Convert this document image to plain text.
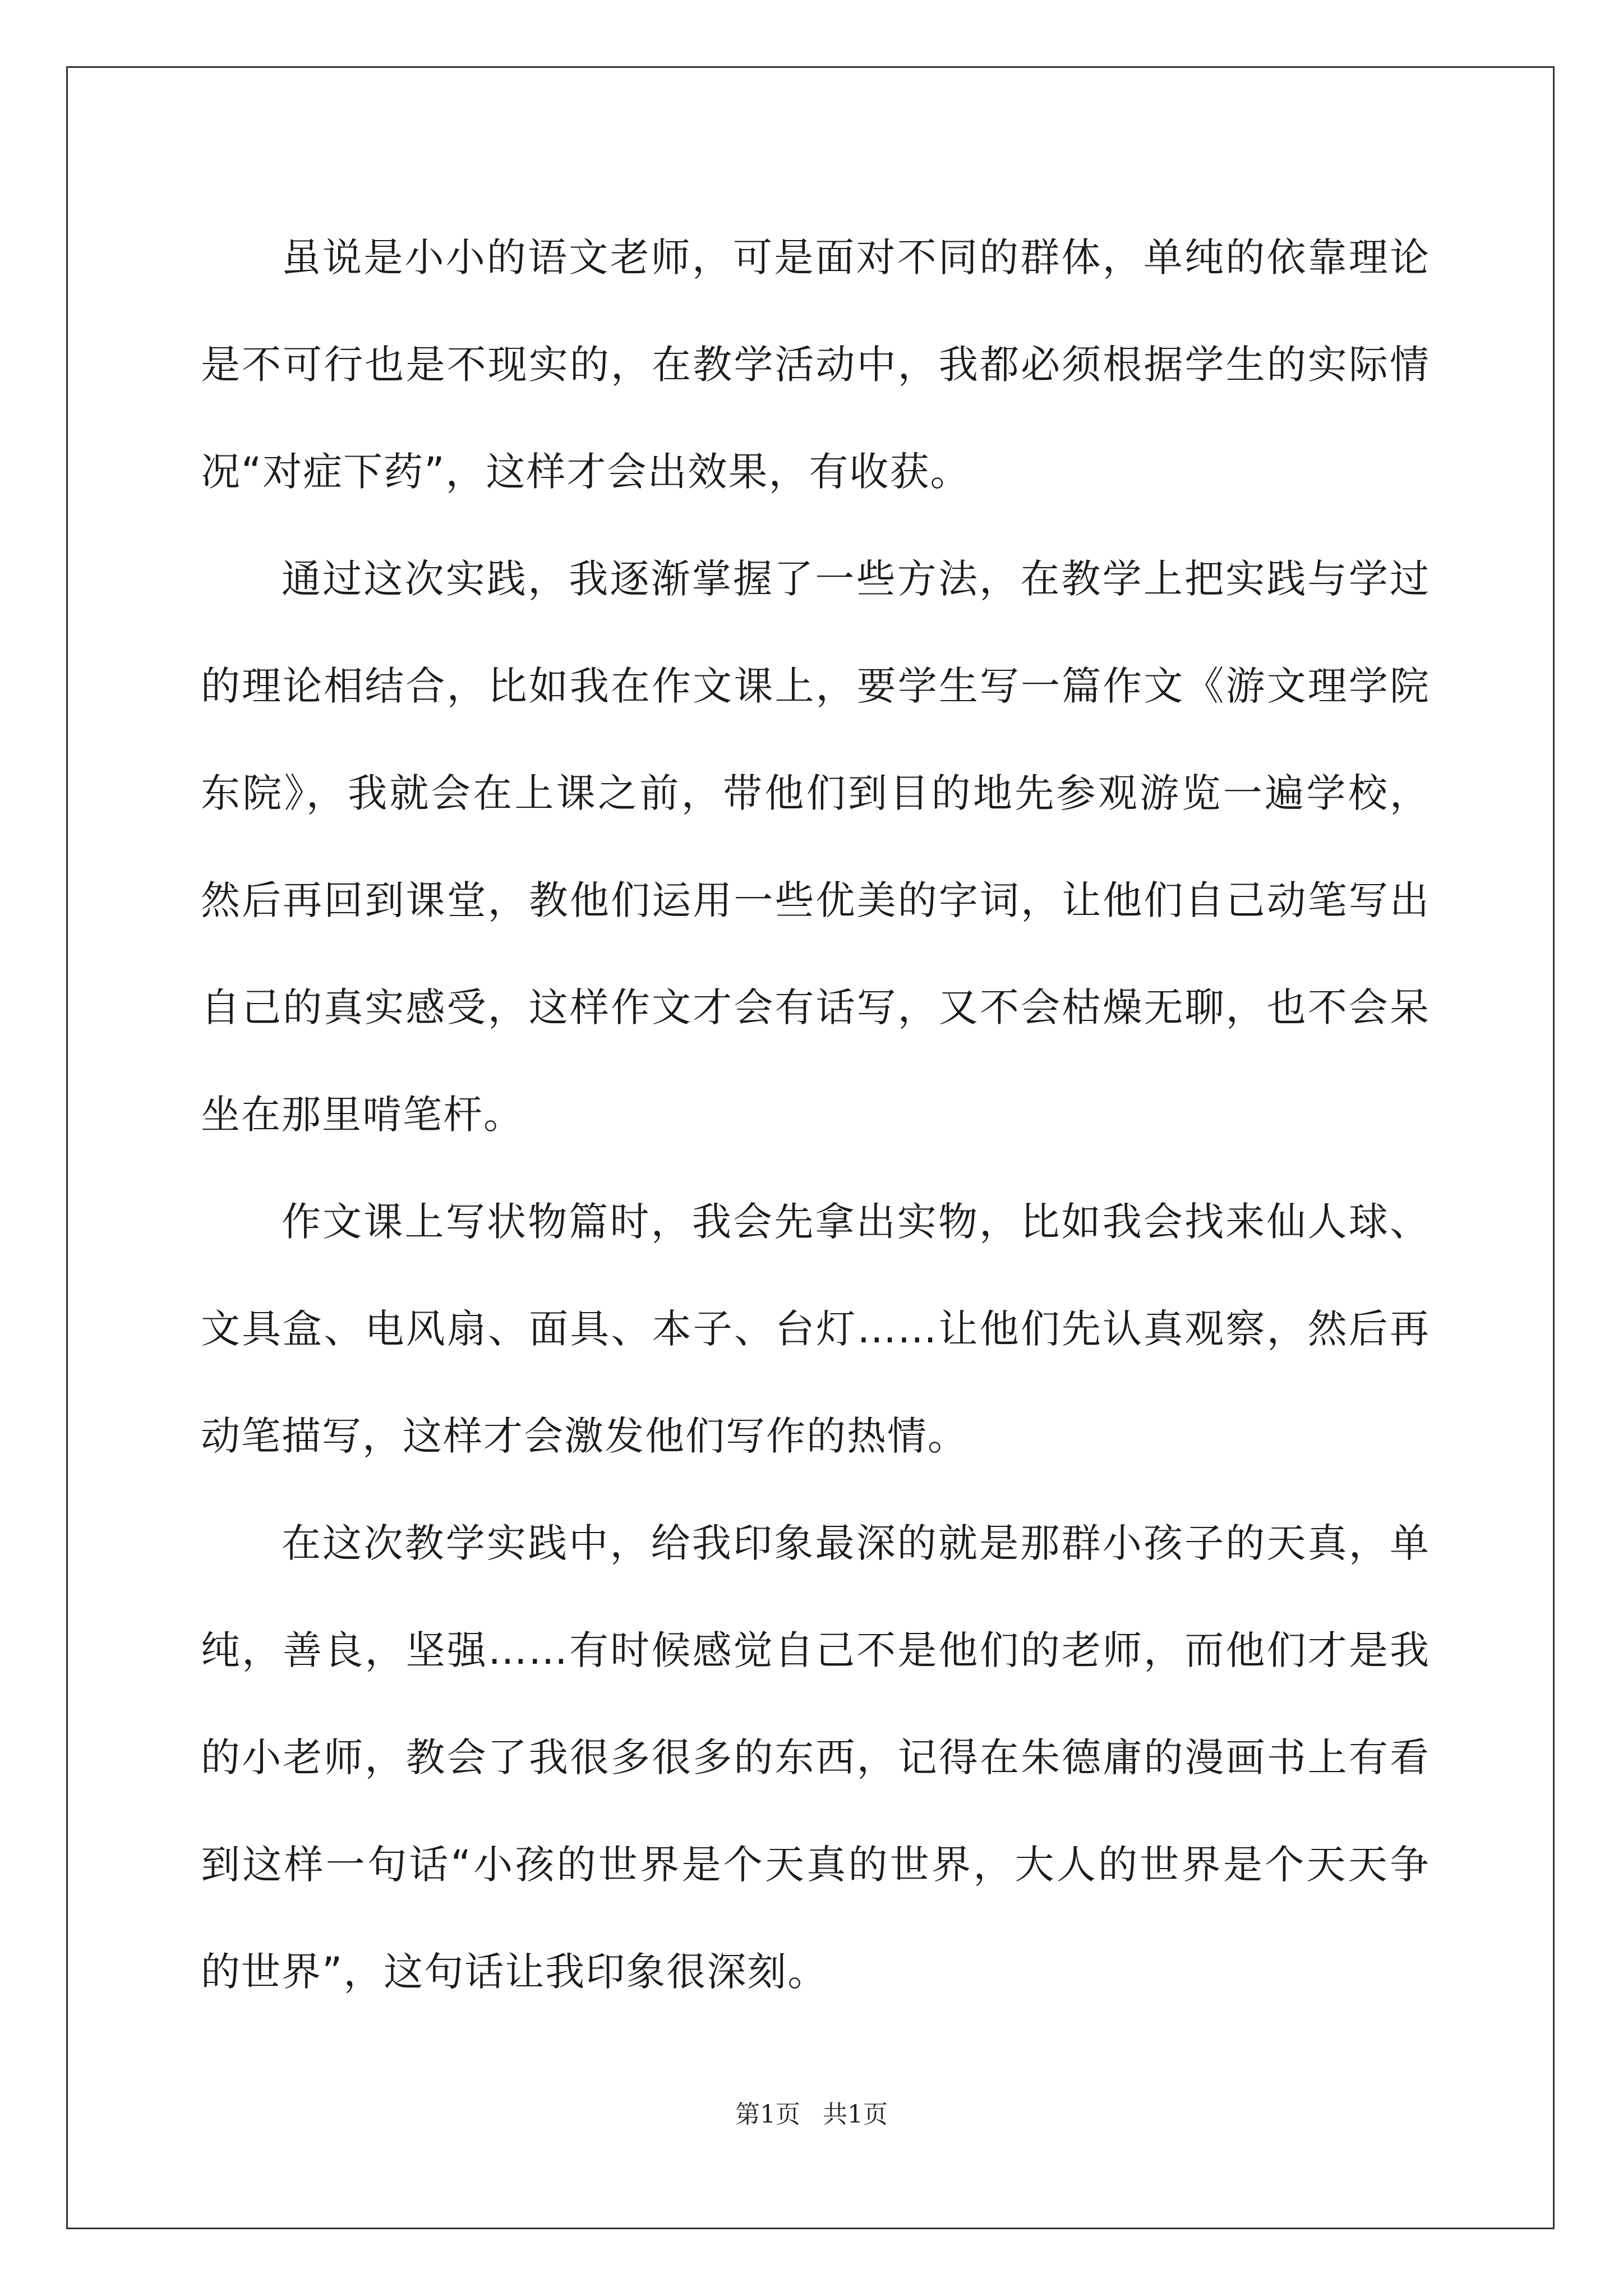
虽说是小小的语文老师，可是面对不同的群体，单纯的依靠理论是不可行也是不现实的，在教学活动中，我都必须根据学生的实际情况“对症下药”，这样才会出效果，有收获。

通过这次实践，我逐渐掌握了一些方法，在教学上把实践与学过的理论相结合，比如我在作文课上，要学生写一篇作文《游文理学院东院》，我就会在上课之前，带他们到目的地先参观游览一遍学校，然后再回到课堂，教他们运用一些优美的字词，让他们自己动笔写出自己的真实感受，这样作文才会有话写，又不会枯燥无聊，也不会呆坐在那里啃笔杆。

作文课上写状物篇时，我会先拿出实物，比如我会找来仙人球、文具盒、电风扇、面具、本子、台灯……让他们先认真观察，然后再动笔描写，这样才会激发他们写作的热情。

在这次教学实践中，给我印象最深的就是那群小孩子的天真，单纯，善良，坚强……有时候感觉自己不是他们的老师，而他们才是我的小老师，教会了我很多很多的东西，记得在朱德庸的漫画书上有看到这样一句话“小孩的世界是个天真的世界，大人的世界是个天天争的世界”，这句话让我印象很深刻。

第1页 共1页
